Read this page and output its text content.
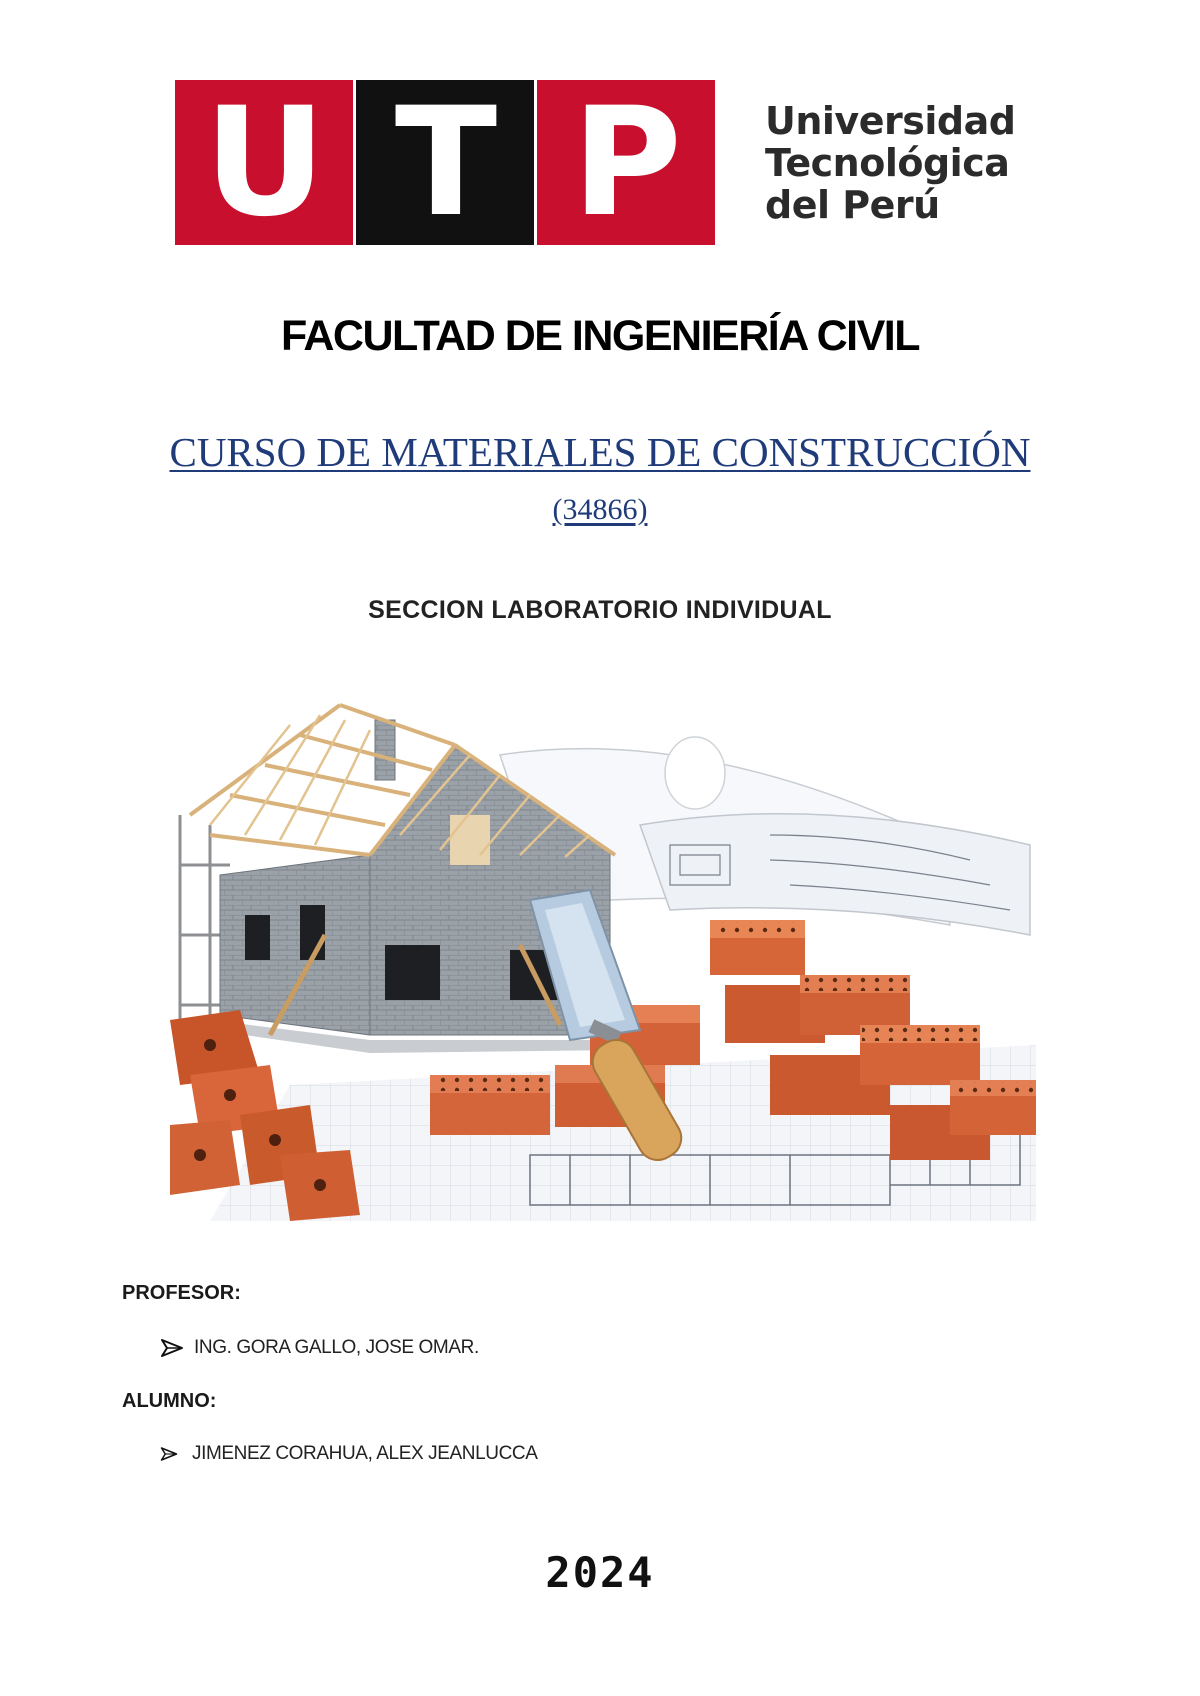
U T P Universidad
Tecnológica
del Perú
FACULTAD DE INGENIERÍA CIVIL
CURSO DE MATERIALES DE CONSTRUCCIÓN
(34866)
SECCION LABORATORIO INDIVIDUAL
PROFESOR:
ING. GORA GALLO, JOSE OMAR.
ALUMNO:
JIMENEZ CORAHUA, ALEX JEANLUCCA
2024
